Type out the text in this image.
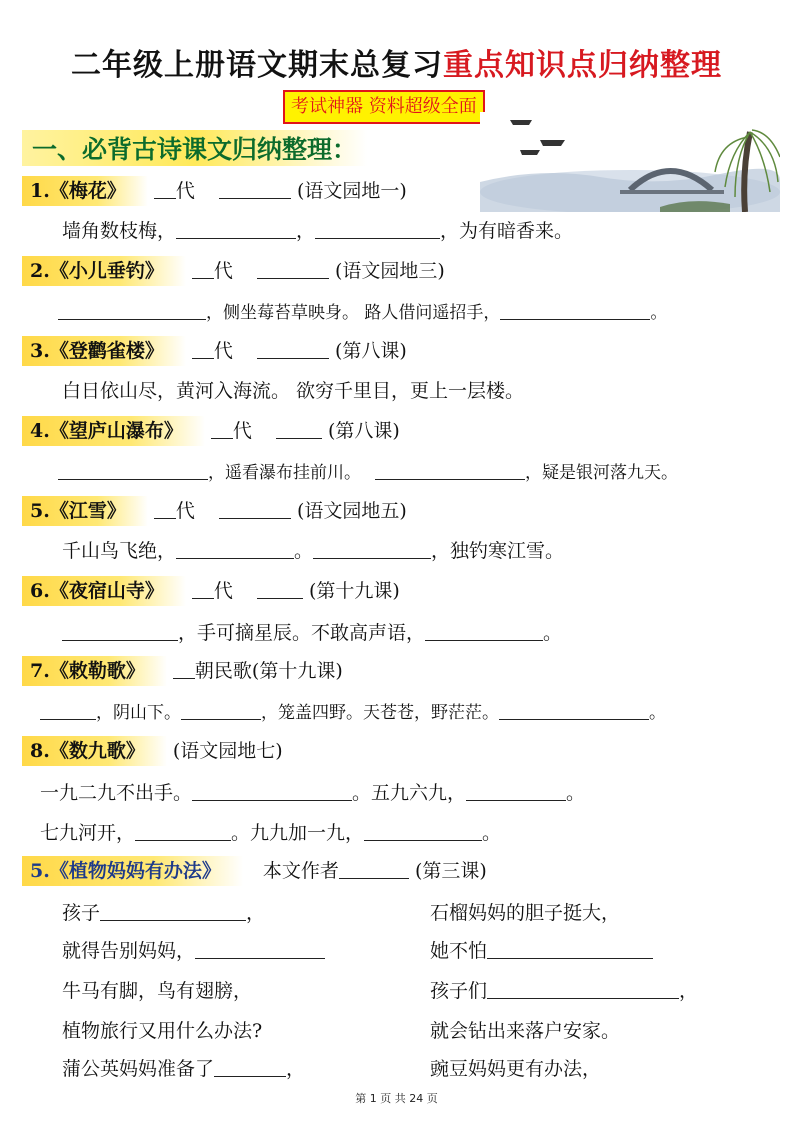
二年级上册语文期末总复习重点知识点归纳整理
考试神器 资料超级全面
一、必背古诗课文归纳整理：
1.《梅花》	代	(语文园地一)
墙角数枝梅，	，	，为有暗香来。
2.《小儿垂钓》	代	(语文园地三)
，侧坐莓苔草映身。 路人借问遥招手，	。
3.《登鹳雀楼》	代	(第八课)
白日依山尽，黄河入海流。 欲穷千里目，更上一层楼。
4.《望庐山瀑布》	代	(第八课)
，遥看瀑布挂前川。	，疑是银河落九天。
5.《江雪》	代	(语文园地五)
千山鸟飞绝，	。	，独钓寒江雪。
6.《夜宿山寺》	代	(第十九课)
，手可摘星辰。不敢高声语，	。
7.《敕勒歌》	朝民歌(第十九课)
，阴山下。	，笼盖四野。天苍苍，野茫茫。	。
8.《数九歌》 (语文园地七)
一九二九不出手。	。五九六九，	。
七九河开，	。九九加一九，	。
5.《植物妈妈有办法》 本文作者	(第三课)
孩子	，
就得告别妈妈，
牛马有脚，鸟有翅膀，
植物旅行又用什么办法?
蒲公英妈妈准备了	，
石榴妈妈的胆子挺大，
她不怕
孩子们	，
就会钻出来落户安家。
豌豆妈妈更有办法，
第 1 页 共 24 页
